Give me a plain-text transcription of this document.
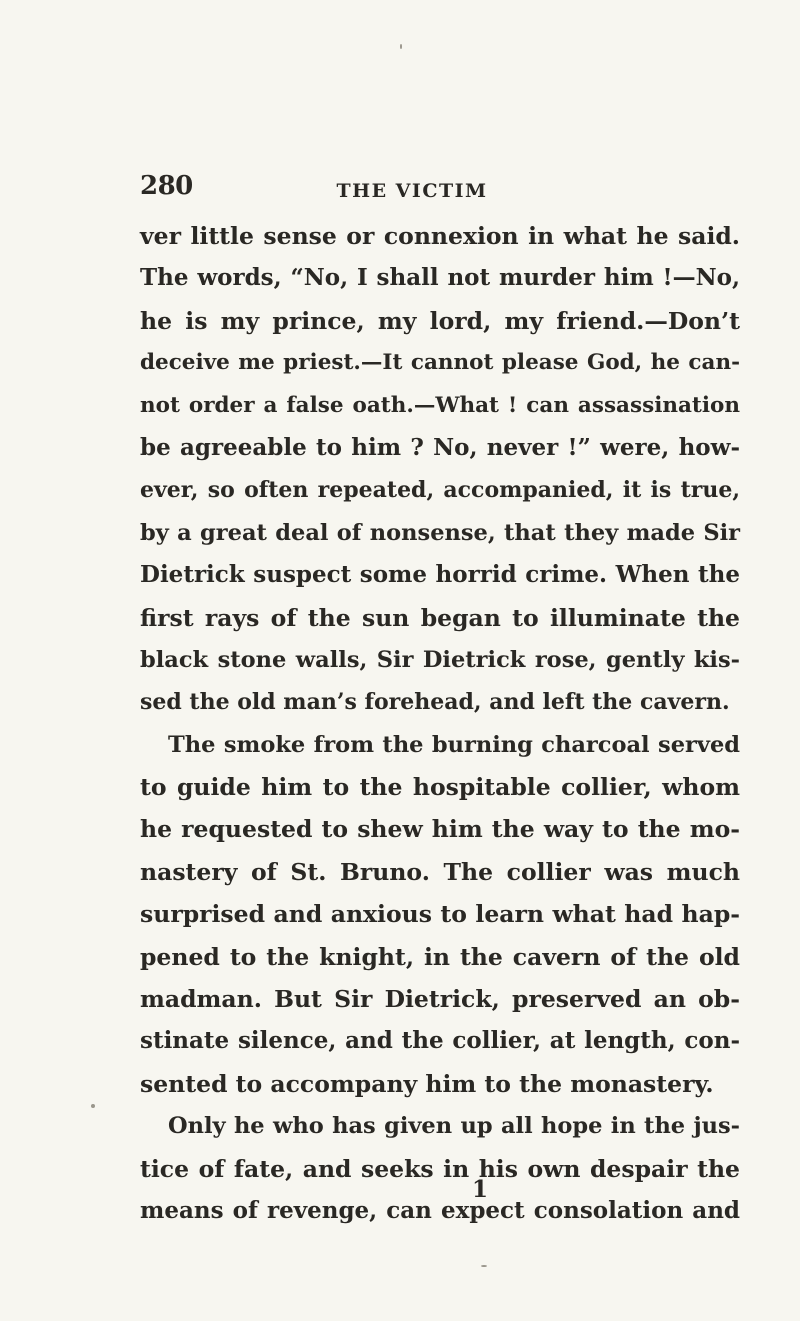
280	THE VICTIM
ver little sense or connexion in what he said.
The words, “No, I shall not murder him !—No,
he is my prince, my lord, my friend.—Don’t
deceive me priest.—It cannot please God, he can-
not order a false oath.—What ! can assassination
be agreeable to him ? No, never !” were, how-
ever, so often repeated, accompanied, it is true,
by a great deal of nonsense, that they made Sir
Dietrick suspect some horrid crime. When the
first rays of the sun began to illuminate the
black stone walls, Sir Dietrick rose, gently kis-
sed the old man’s forehead, and left the cavern.
The smoke from the burning charcoal served
to guide him to the hospitable collier, whom
he requested to shew him the way to the mo-
nastery of St. Bruno. The collier was much
surprised and anxious to learn what had hap-
pened to the knight, in the cavern of the old
madman. But Sir Dietrick, preserved an ob-
stinate silence, and the collier, at length, con-
sented to accompany him to the monastery.
Only he who has given up all hope in the jus-
tice of fate, and seeks in his own despair the
means of revenge, can expect consolation and
1
